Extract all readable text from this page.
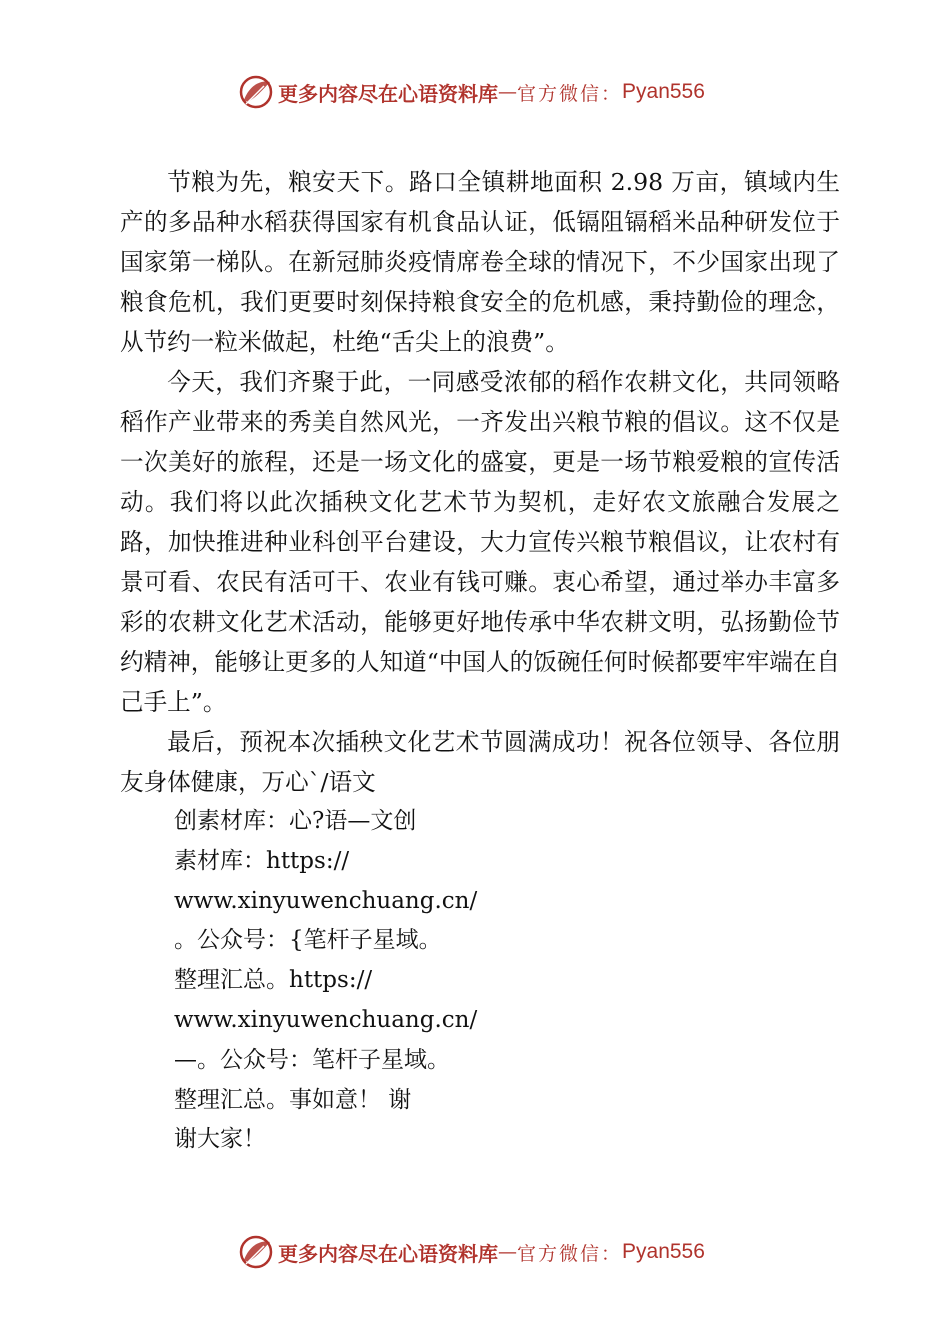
更多内容尽在心语资料库 — 官方微信： Pyan556

节粮为先，粮安天下。路口全镇耕地面积 2.98 万亩，镇域内生产的多品种水稻获得国家有机食品认证，低镉阻镉稻米品种研发位于国家第一梯队。在新冠肺炎疫情席卷全球的情况下，不少国家出现了粮食危机，我们更要时刻保持粮食安全的危机感，秉持勤俭的理念，从节约一粒米做起，杜绝“舌尖上的浪费”。

今天，我们齐聚于此，一同感受浓郁的稻作农耕文化，共同领略稻作产业带来的秀美自然风光，一齐发出兴粮节粮的倡议。这不仅是一次美好的旅程，还是一场文化的盛宴，更是一场节粮爱粮的宣传活动。我们将以此次插秧文化艺术节为契机，走好农文旅融合发展之路，加快推进种业科创平台建设，大力宣传兴粮节粮倡议，让农村有景可看、农民有活可干、农业有钱可赚。衷心希望，通过举办丰富多彩的农耕文化艺术活动，能够更好地传承中华农耕文明，弘扬勤俭节约精神，能够让更多的人知道“中国人的饭碗任何时候都要牢牢端在自己手上”。

最后，预祝本次插秧文化艺术节圆满成功！祝各位领导、各位朋友身体健康，万心`/语文

创素材库：心?语—文创
素材库：https://
www.xinyuwenchuang.cn/
。公众号：{笔杆子星域。
整理汇总。https://
www.xinyuwenchuang.cn/
—。公众号：笔杆子星域。
整理汇总。事如意！ 谢
谢大家！
更多内容尽在心语资料库 — 官方微信： Pyan556
